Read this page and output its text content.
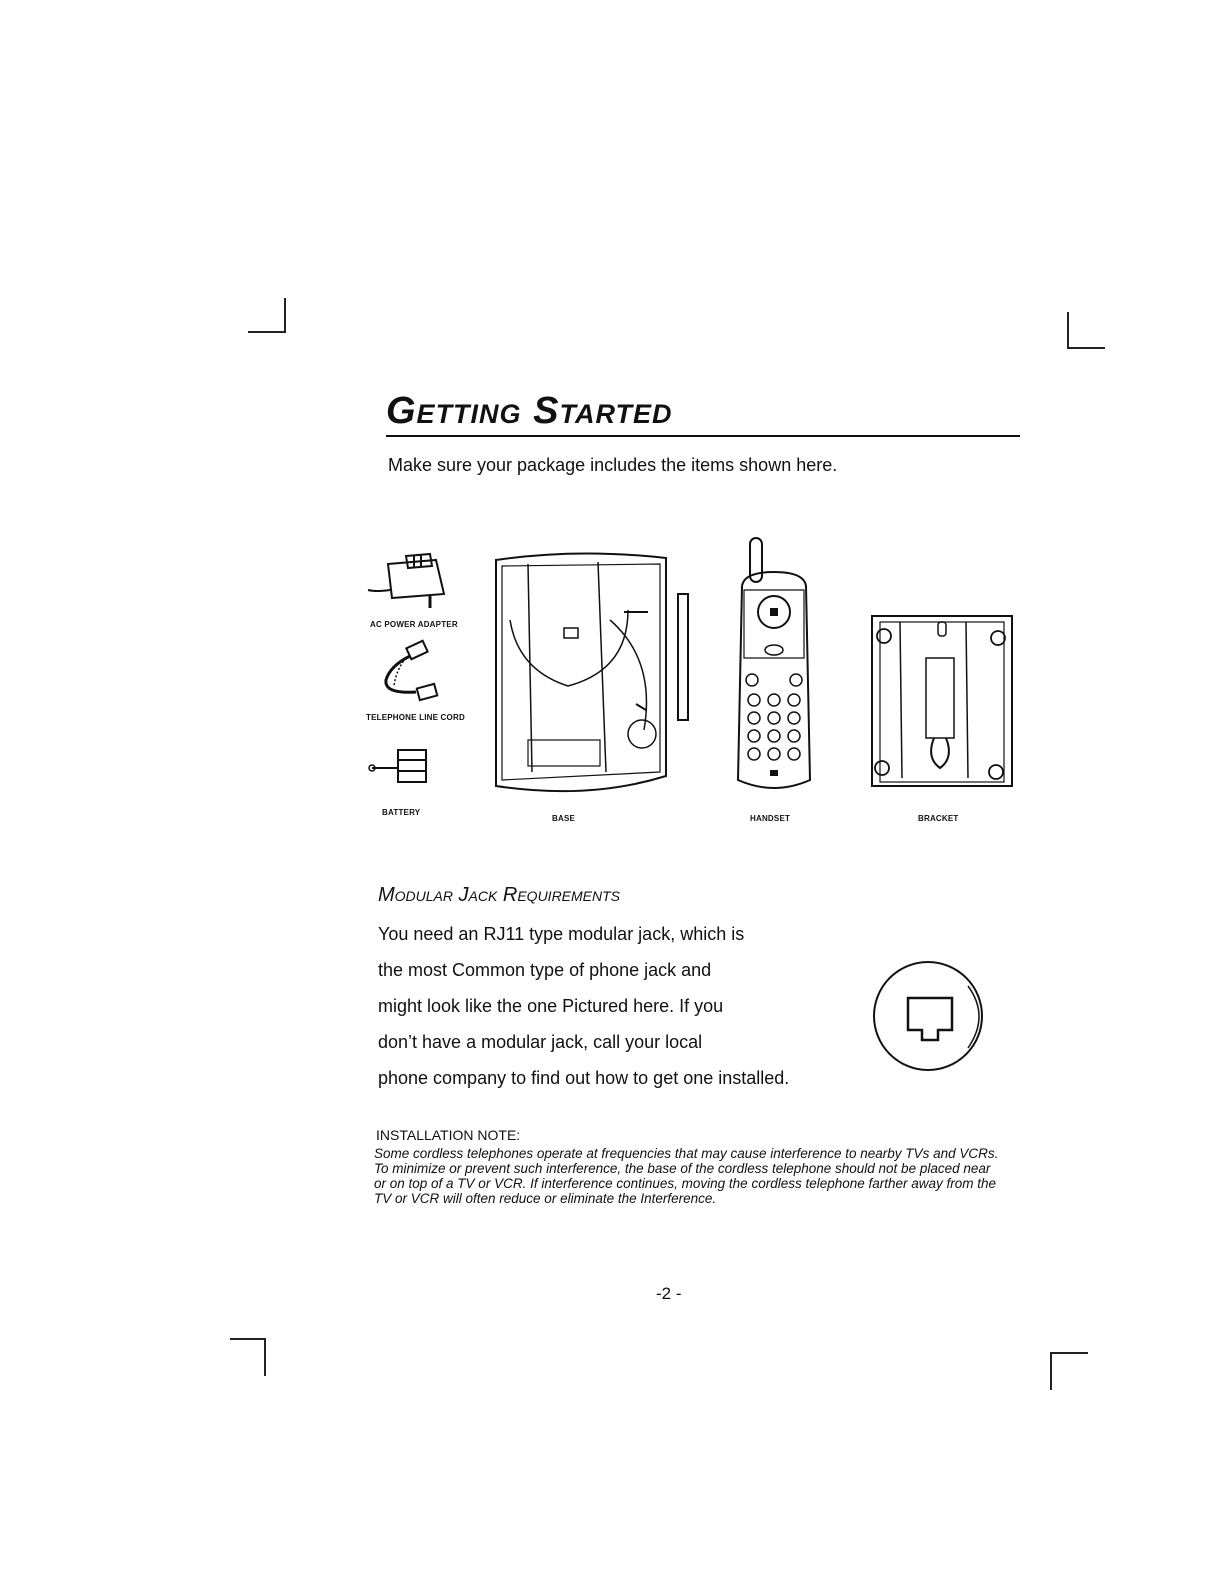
Getting Started
Make sure your package includes the items shown here.
AC POWER ADAPTER
TELEPHONE LINE CORD
BATTERY
BASE	HANDSET	BRACKET
Modular Jack Requirements
You need an RJ11 type modular jack, which is
the most Common type of phone jack and
might look like the one Pictured here. If you
don’t have a modular jack, call your local
phone company to find out how to get one installed.
INSTALLATION NOTE:
Some cordless telephones operate at frequencies that may cause interference to nearby TVs and VCRs. To minimize or prevent such interference, the base of the cordless telephone should not be placed near or on top of a TV or VCR. If interference continues, moving the cordless telephone farther away from the TV or VCR will often reduce or eliminate the Interference.
-2 -
